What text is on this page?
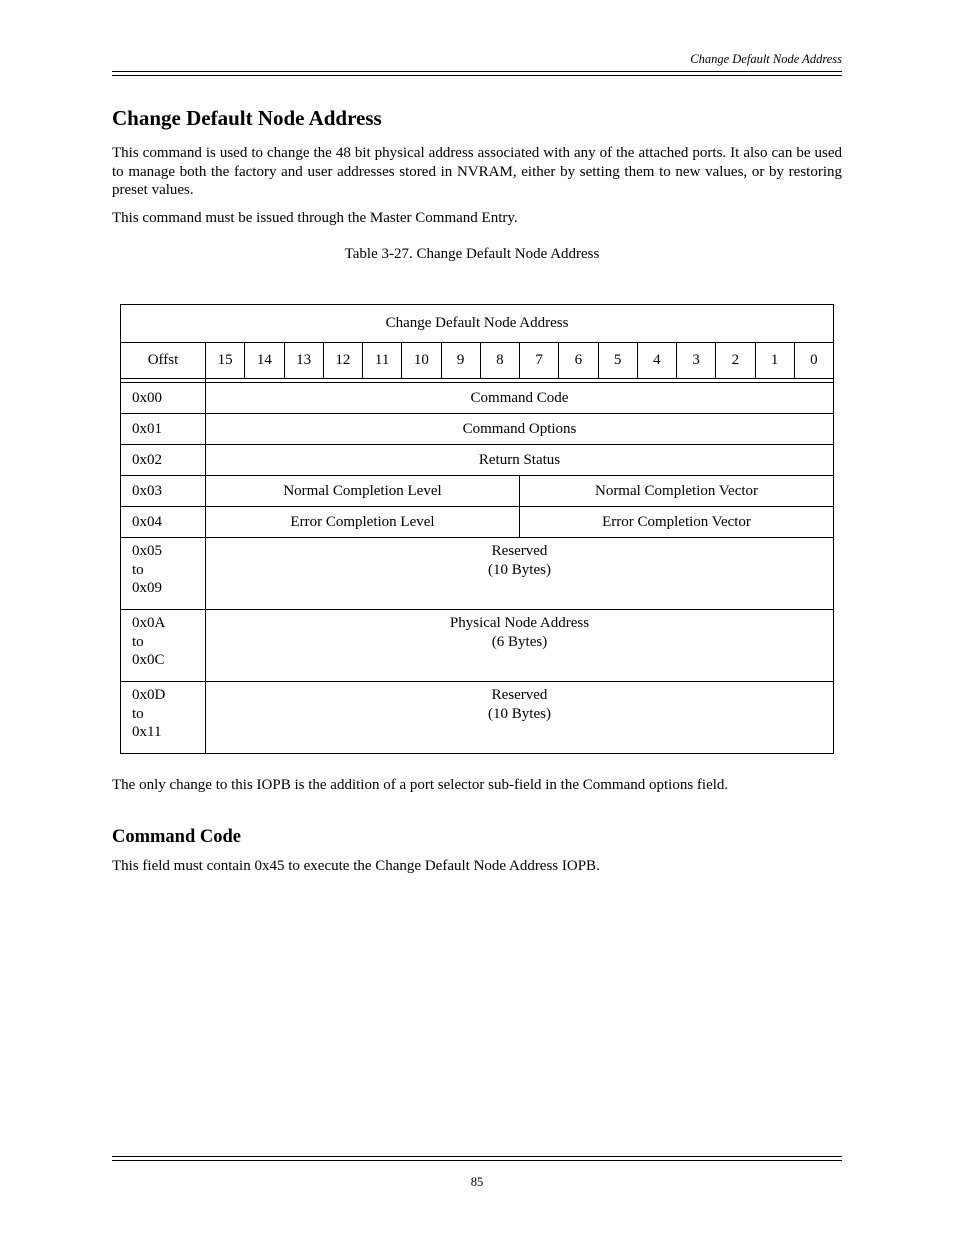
Change Default Node Address
Change Default Node Address

This command is used to change the 48 bit physical address associated with any of the attached ports. It also can be used to manage both the factory and user addresses stored in NVRAM, either by setting them to new values, or by restoring preset values.

This command must be issued through the Master Command Entry.

Table 3-27. Change Default Node Address

Change Default Node Address																
Offst	15	14	13	12	11	10	9	8	7	6	5	4	3	2	1	0

0x00	Command Code															
0x01	Command Options															
0x02	Return Status															
0x03	Normal Completion Level								Normal Completion Vector							
0x04	Error Completion Level								Error Completion Vector							
0x05
to
0x09	Reserved
(10 Bytes)															
0x0A
to
0x0C	Physical Node Address
(6 Bytes)															
0x0D
to
0x11	Reserved
(10 Bytes)															

The only change to this IOPB is the addition of a port selector sub-field in the Command options field.

Command Code

This field must contain 0x45 to execute the Change Default Node Address IOPB.

85
